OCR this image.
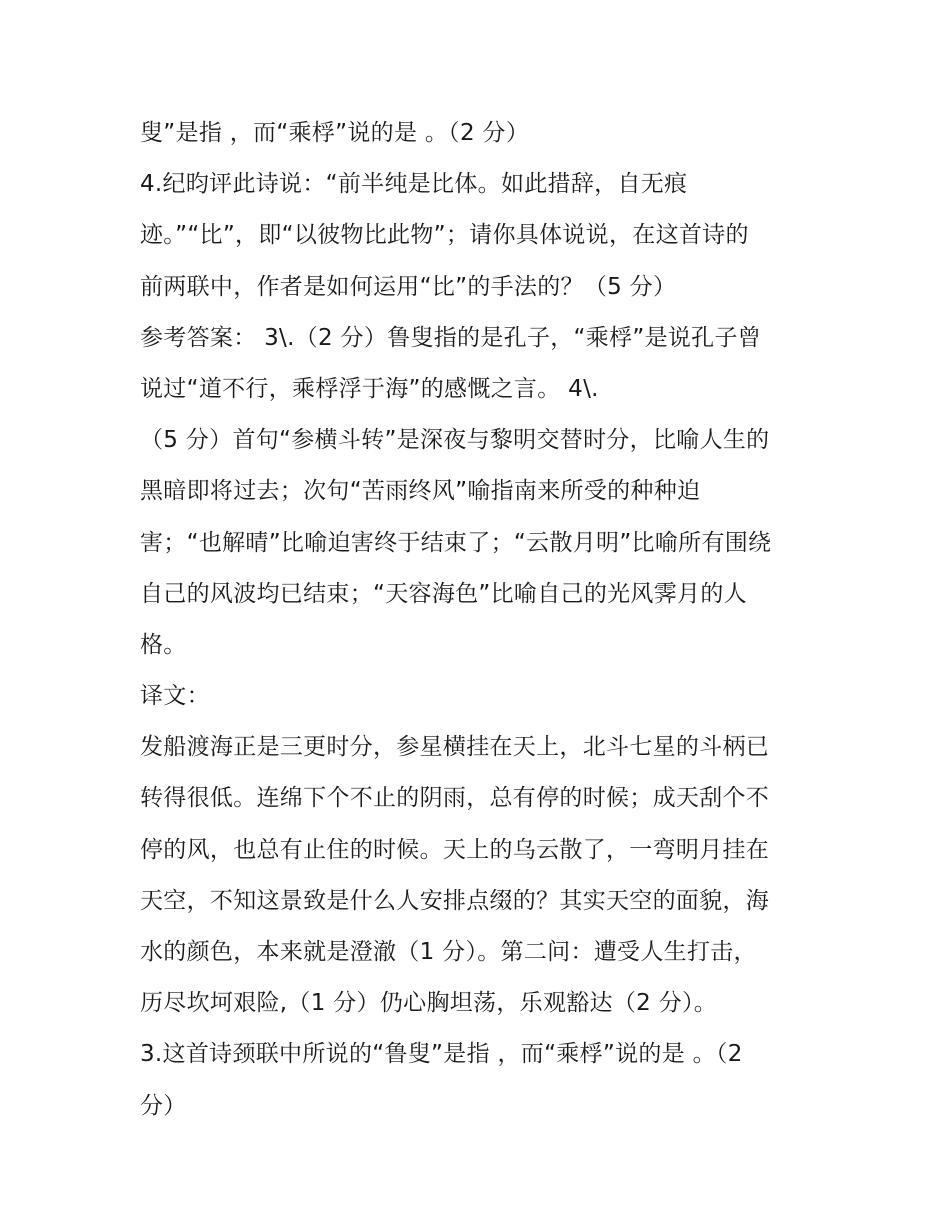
叟”是指 ，而“乘桴”说的是 。（2 分）
4.纪昀评此诗说：“前半纯是比体。如此措辞，自无痕
迹。”“比”，即“以彼物比此物”；请你具体说说，在这首诗的
前两联中，作者是如何运用“比”的手法的？（5 分）
参考答案： 3\.（2 分）鲁叟指的是孔子，“乘桴”是说孔子曾
说过“道不行，乘桴浮于海”的感慨之言。 4\.
（5 分）首句“参横斗转”是深夜与黎明交替时分，比喻人生的
黑暗即将过去；次句“苦雨终风”喻指南来所受的种种迫
害；“也解晴”比喻迫害终于结束了；“云散月明”比喻所有围绕
自己的风波均已结束；“天容海色”比喻自己的光风霁月的人
格。
译文：
发船渡海正是三更时分，参星横挂在天上，北斗七星的斗柄已
转得很低。连绵下个不止的阴雨，总有停的时候；成天刮个不
停的风，也总有止住的时候。天上的乌云散了，一弯明月挂在
天空，不知这景致是什么人安排点缀的？其实天空的面貌，海
水的颜色，本来就是澄澈（1 分）。第二问：遭受人生打击，
历尽坎坷艰险,（1 分）仍心胸坦荡，乐观豁达（2 分）。
3.这首诗颈联中所说的“鲁叟”是指 ，而“乘桴”说的是 。（2
分）
